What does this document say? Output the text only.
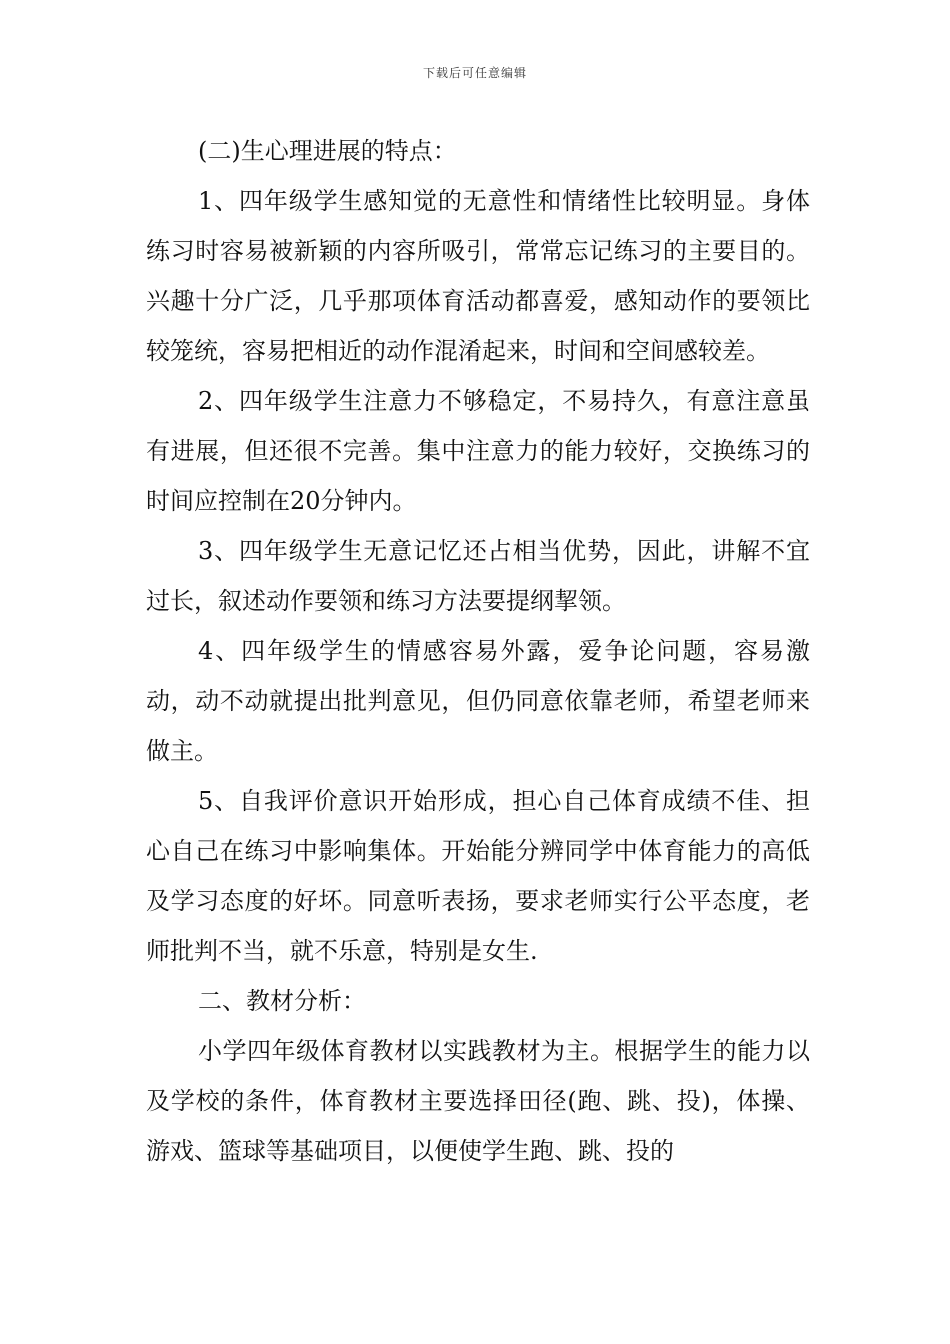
下载后可任意编辑

(二)生心理进展的特点：

1、四年级学生感知觉的无意性和情绪性比较明显。身体练习时容易被新颖的内容所吸引，常常忘记练习的主要目的。兴趣十分广泛，几乎那项体育活动都喜爱，感知动作的要领比较笼统，容易把相近的动作混淆起来，时间和空间感较差。

2、四年级学生注意力不够稳定，不易持久，有意注意虽有进展，但还很不完善。集中注意力的能力较好，交换练习的时间应控制在20分钟内。

3、四年级学生无意记忆还占相当优势，因此，讲解不宜过长，叙述动作要领和练习方法要提纲挈领。

4、四年级学生的情感容易外露，爱争论问题，容易激动，动不动就提出批判意见，但仍同意依靠老师，希望老师来做主。

5、自我评价意识开始形成，担心自己体育成绩不佳、担心自己在练习中影响集体。开始能分辨同学中体育能力的高低及学习态度的好坏。同意听表扬，要求老师实行公平态度，老师批判不当，就不乐意，特别是女生.

二、教材分析：

小学四年级体育教材以实践教材为主。根据学生的能力以及学校的条件，体育教材主要选择田径(跑、跳、投)，体操、游戏、篮球等基础项目，以便使学生跑、跳、投的
